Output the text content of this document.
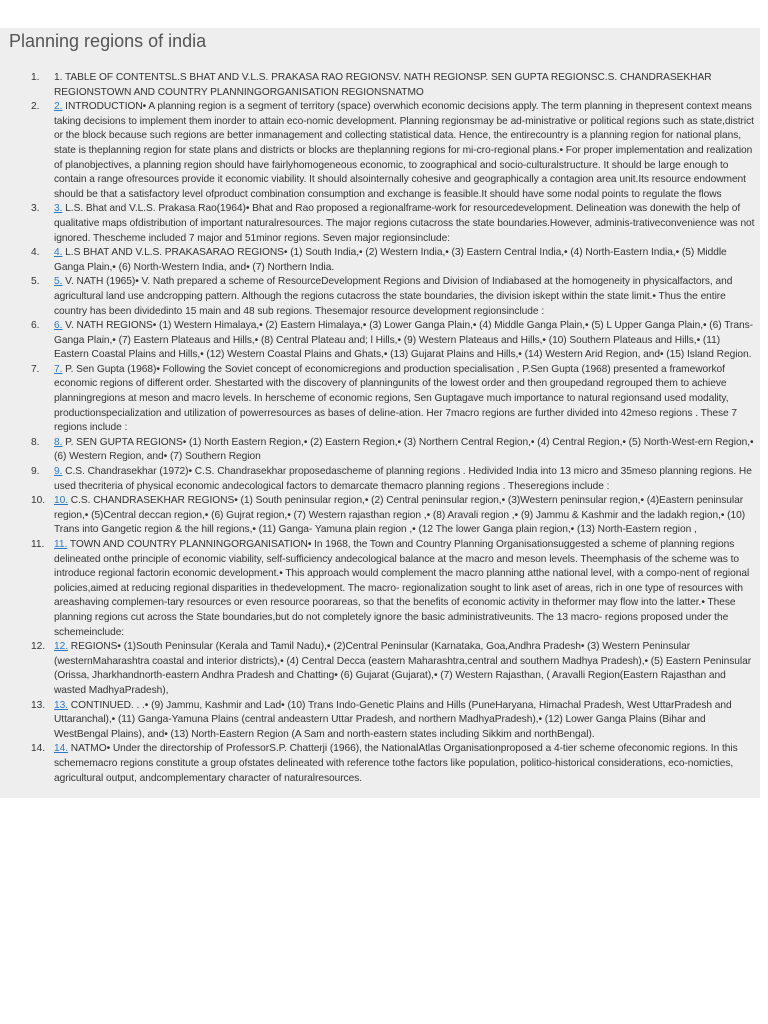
Planning regions of india
1.	1. TABLE OF CONTENTSL.S BHAT AND V.L.S. PRAKASA RAO REGIONSV. NATH REGIONSP. SEN GUPTA REGIONSC.S. CHANDRASEKHAR REGIONSTOWN AND COUNTRY PLANNINGORGANISATION REGIONSNATMO
2.	2. INTRODUCTION• A planning region is a segment of territory (space) overwhich economic decisions apply. The term planning in thepresent context means taking decisions to implement them inorder to attain eco-nomic development. Planning regionsmay be ad-ministrative or political regions such as state,district or the block because such regions are better inmanagement and collecting statistical data. Hence, the entirecountry is a planning region for national plans, state is theplanning region for state plans and districts or blocks are theplanning regions for mi-cro-regional plans.• For proper implementation and realization of planobjectives, a planning region should have fairlyhomogeneous economic, to zoographical and socio-culturalstructure. It should be large enough to contain a range ofresources provide it economic viability. It should alsointernally cohesive and geographically a contagion area unit.Its resource endowment should be that a satisfactory level ofproduct combination consumption and exchange is feasible.It should have some nodal points to regulate the flows
3.	3. L.S. Bhat and V.L.S. Prakasa Rao(1964)• Bhat and Rao proposed a regionalframe-work for resourcedevelopment. Delineation was donewith the help of qualitative maps ofdistribution of important naturalresources. The major regions cutacross the state boundaries.However, adminis-trativeconvenience was not ignored. Thescheme included 7 major and 51minor regions. Seven major regionsinclude:
4.	4. L.S BHAT AND V.L.S. PRAKASARAO REGIONS• (1) South India,• (2) Western India,• (3) Eastern Central India,• (4) North-Eastern India,• (5) Middle Ganga Plain,• (6) North-Western India, and• (7) Northern India.
5.	5. V. NATH (1965)• V. Nath prepared a scheme of ResourceDevelopment Regions and Division of Indiabased at the homogeneity in physicalfactors, and agricultural land use andcropping pattern. Although the regions cutacross the state boundaries, the division iskept within the state limit.• Thus the entire country has been dividedinto 15 main and 48 sub regions. Thesemajor resource development regionsinclude :
6.	6. V. NATH REGIONS• (1) Western Himalaya,• (2) Eastern Himalaya,• (3) Lower Ganga Plain,• (4) Middle Ganga Plain,• (5) L Upper Ganga Plain,• (6) Trans-Ganga Plain,• (7) Eastern Plateaus and Hills,• (8) Central Plateau and; l Hills,• (9) Western Plateaus and Hills,• (10) Southern Plateaus and Hills,• (11) Eastern Coastal Plains and Hills,• (12) Western Coastal Plains and Ghats,• (13) Gujarat Plains and Hills,• (14) Western Arid Region, and• (15) Island Region.
7.	7. P. Sen Gupta (1968)• Following the Soviet concept of economicregions and production specialisation , P.Sen Gupta (1968) presented a frameworkof economic regions of different order. Shestarted with the discovery of planningunits of the lowest order and then groupedand regrouped them to achieve planningregions at meson and macro levels. In herscheme of economic regions, Sen Guptagave much importance to natural regionsand used modality, productionspecialization and utilization of powerresources as bases of deline-ation. Her 7macro regions are further divided into 42meso regions . These 7 regions include :
8.	8. P. SEN GUPTA REGIONS• (1) North Eastern Region,• (2) Eastern Region,• (3) Northern Central Region,• (4) Central Region,• (5) North-West-ern Region,• (6) Western Region, and• (7) Southern Region
9.	9. C.S. Chandrasekhar (1972)• C.S. Chandrasekhar proposedascheme of planning regions . Hedivided India into 13 micro and 35meso planning regions. He used thecriteria of physical economic andecological factors to demarcate themacro planning regions . Theseregions include :
10. 10. C.S. CHANDRASEKHAR REGIONS• (1) South peninsular region,• (2) Central peninsular region,• (3)Western peninsular region,• (4)Eastern peninsular region,• (5)Central deccan region,• (6) Gujrat region,• (7) Western rajasthan region ,• (8) Aravali region ,• (9) Jammu & Kashmir and the ladakh region,• (10) Trans into Gangetic region & the hill regions,• (11) Ganga- Yamuna plain region ,• (12 The lower Ganga plain region,• (13) North-Eastern region ,
11. 11. TOWN AND COUNTRY PLANNINGORGANISATION• In 1968, the Town and Country Planning Organisationsuggested a scheme of planning regions delineated onthe principle of economic viability, self-sufficiency andecological balance at the macro and meson levels. Theemphasis of the scheme was to introduce regional factorin economic development.• This approach would complement the macro planning atthe national level, with a compo-nent of regional policies,aimed at reducing regional disparities in thedevelopment. The macro- regionalization sought to link aset of areas, rich in one type of resources with areashaving complemen-tary resources or even resource poorareas, so that the benefits of economic activity in theformer may flow into the latter.• These planning regions cut across the State boundaries,but do not completely ignore the basic administrativeunits. The 13 macro- regions proposed under the schemeinclude:
12. 12. REGIONS• (1)South Peninsular (Kerala and Tamil Nadu),• (2)Central Peninsular (Karnataka, Goa,Andhra Pradesh• (3) Western Peninsular (westernMaharashtra coastal and interior districts),• (4) Central Decca (eastern Maharashtra,central and southern Madhya Pradesh),• (5) Eastern Peninsular (Orissa, Jharkhandnorth-eastern Andhra Pradesh and Chatting• (6) Gujarat (Gujarat),• (7) Western Rajasthan, ( Aravalli Region(Eastern Rajasthan and wasted MadhyaPradesh),
13. 13. CONTINUED. . .• (9) Jammu, Kashmir and Lad• (10) Trans Indo-Genetic Plains and Hills (PuneHaryana, Himachal Pradesh, West UttarPradesh and Uttaranchal),• (11) Ganga-Yamuna Plains (central andeastern Uttar Pradesh, and northern MadhyaPradesh),• (12) Lower Ganga Plains (Bihar and WestBengal Plains), and• (13) North-Eastern Region (A Sam and north-eastern states including Sikkim and northBengal).
14. 14. NATMO• Under the directorship of ProfessorS.P. Chatterji (1966), the NationalAtlas Organisationproposed a 4-tier scheme ofeconomic regions. In this schememacro regions constitute a group ofstates delineated with reference tothe factors like population, politico-historical considerations, eco-nomicties, agricultural output, andcomplementary character of naturalresources.
